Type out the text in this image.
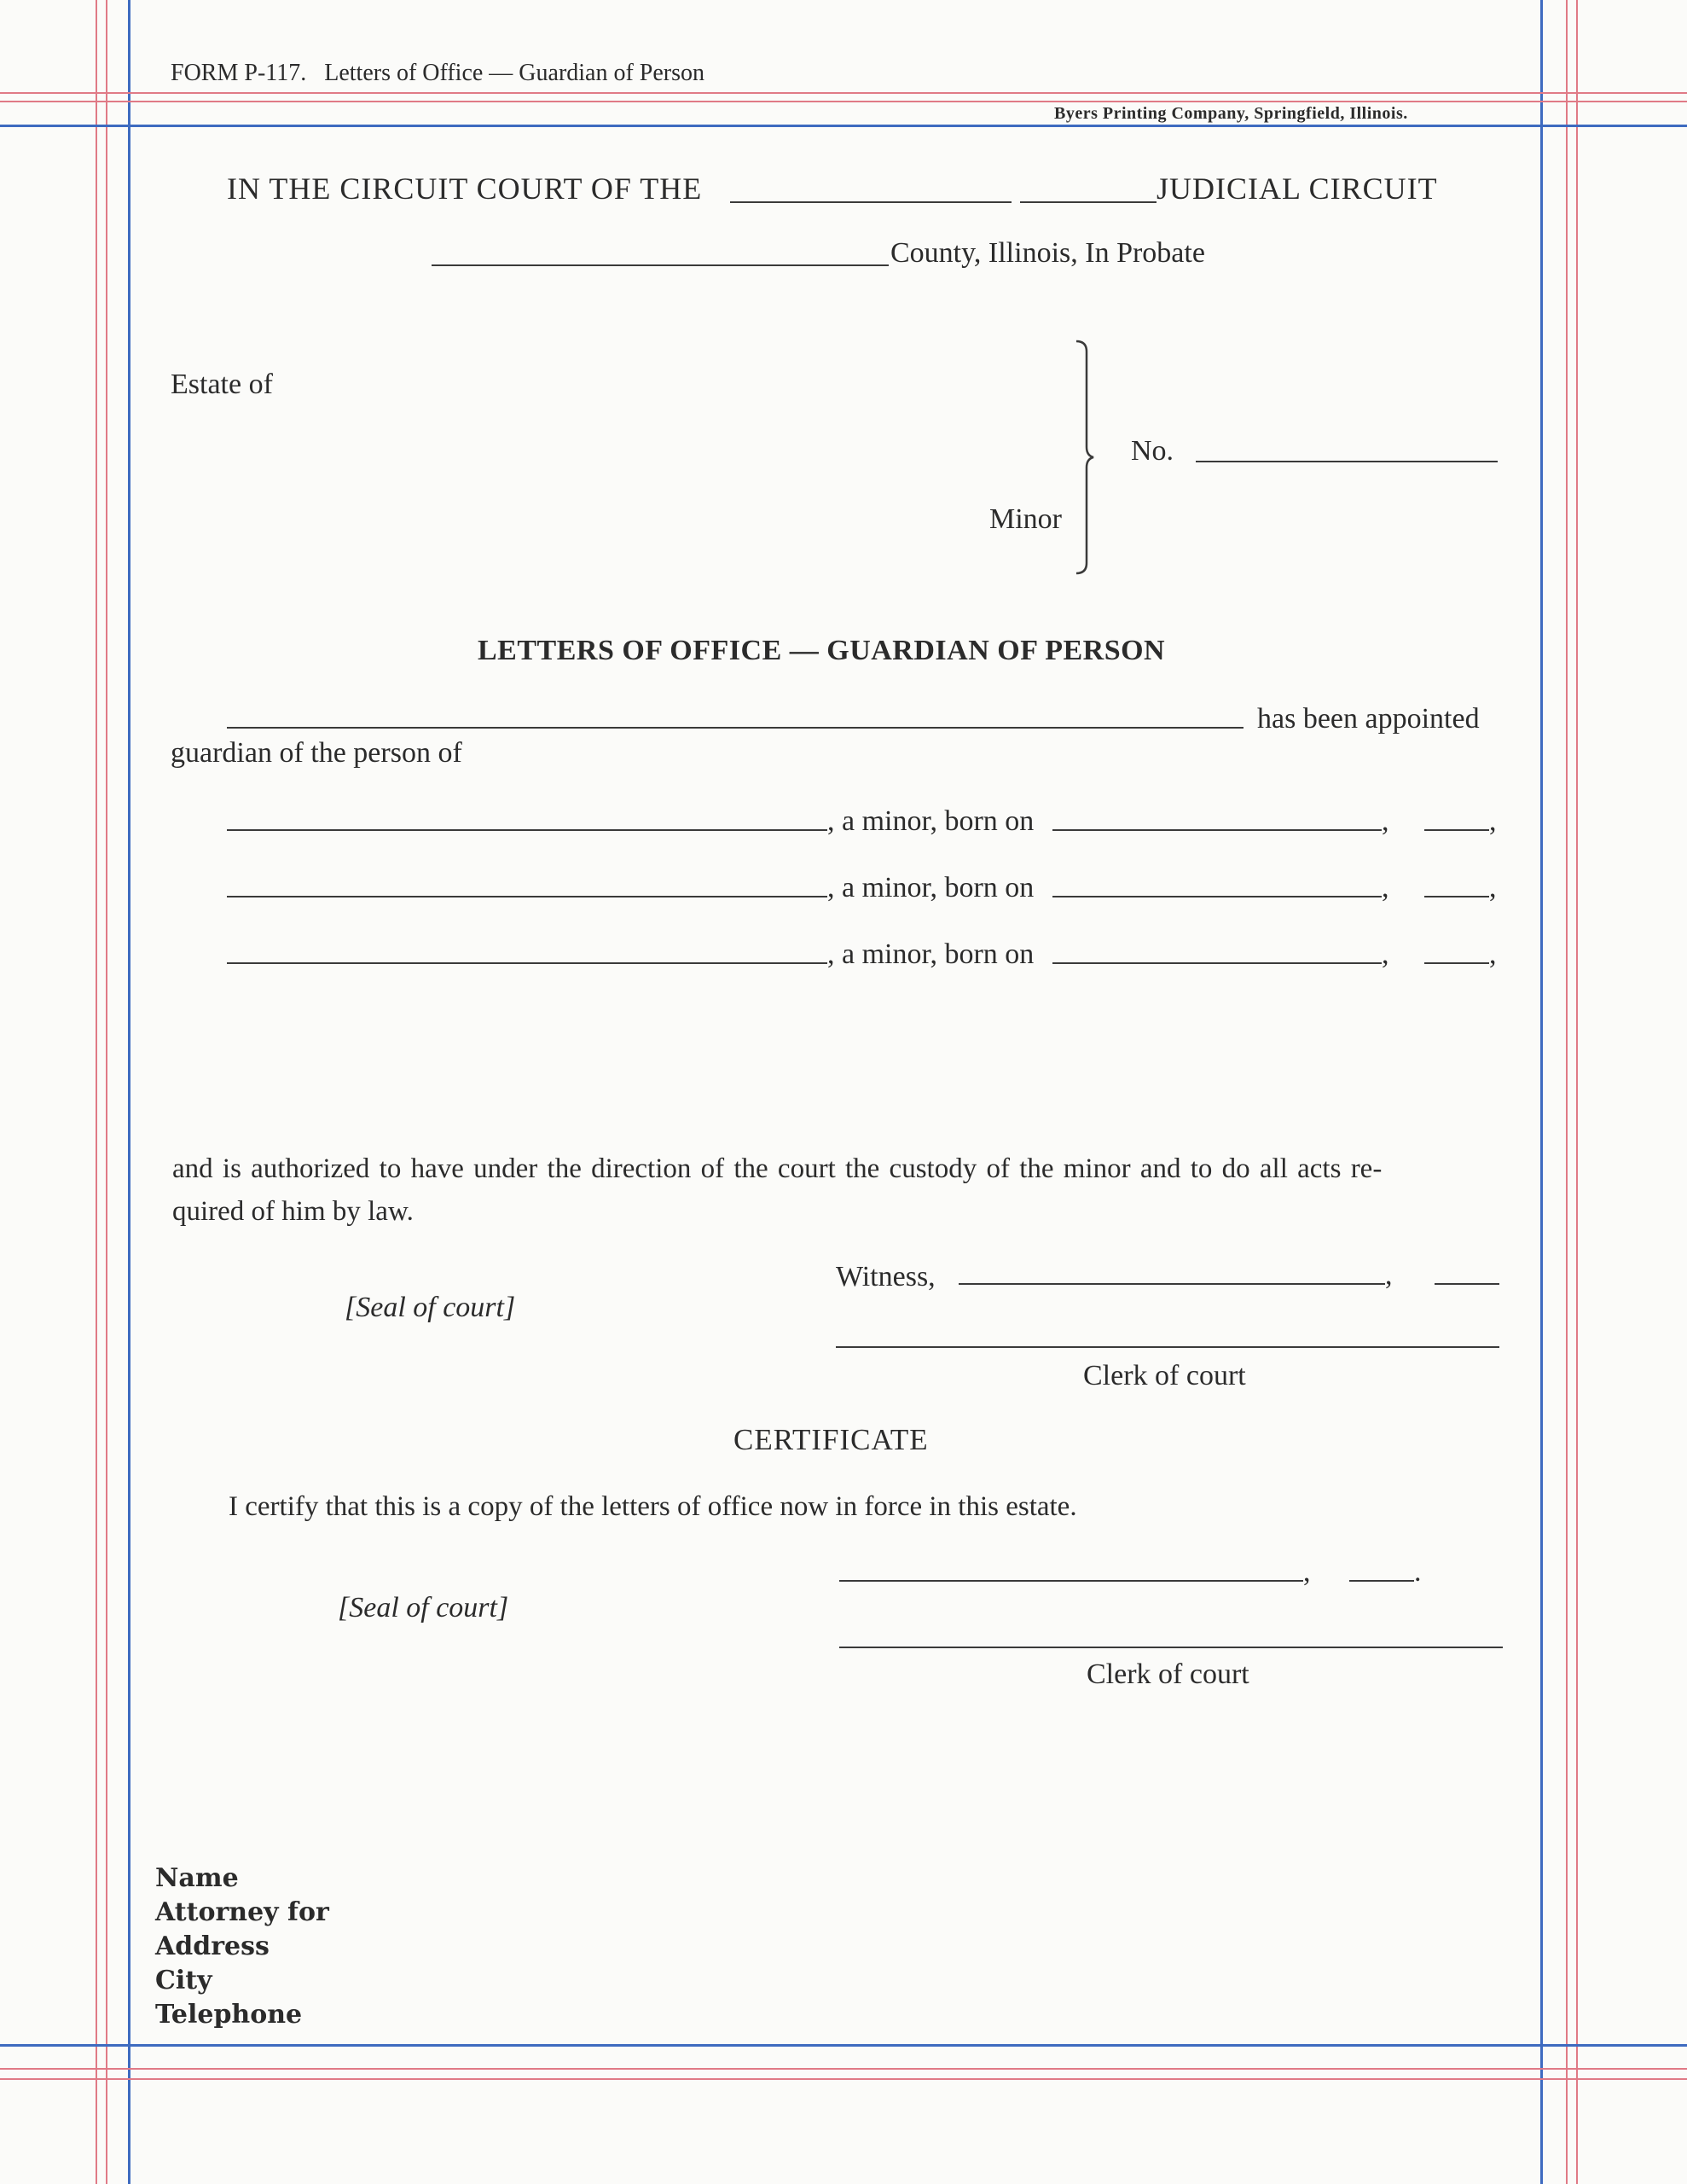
FORM P-117. Letters of Office — Guardian of Person
Byers Printing Company, Springfield, Illinois.
IN THE CIRCUIT COURT OF THE	JUDICIAL CIRCUIT
County, Illinois, In Probate
Estate of
Minor
No.
LETTERS OF OFFICE — GUARDIAN OF PERSON
has been appointed
guardian of the person of
, a minor, born on	,	,
, a minor, born on	,	,
, a minor, born on	,	,
and is authorized to have under the direction of the court the custody of the minor and to do all acts re-
quired of him by law.
Witness,	,
[Seal of court]
Clerk of court
CERTIFICATE
I certify that this is a copy of the letters of office now in force in this estate.
,	.
[Seal of court]
Clerk of court
Name
Attorney for
Address
City
Telephone
